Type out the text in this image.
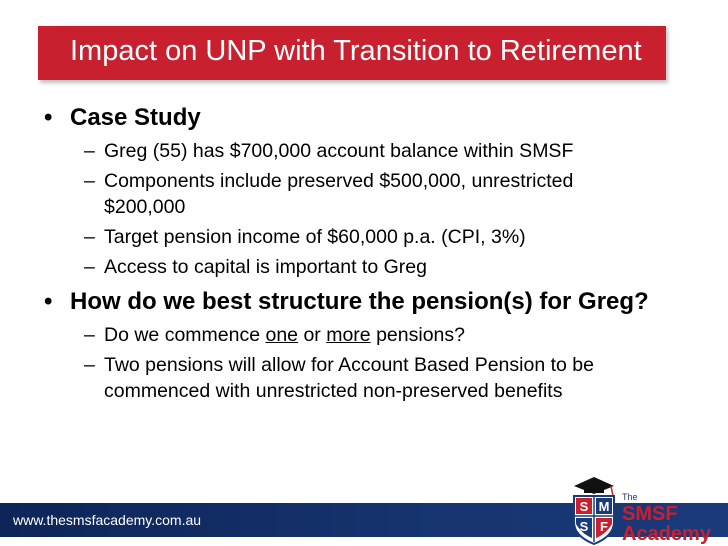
Impact on UNP with Transition to Retirement
• Case Study
– Greg (55) has $700,000 account balance within SMSF
– Components include preserved $500,000, unrestricted
$200,000
– Target pension income of $60,000 p.a. (CPI, 3%)
– Access to capital is important to Greg
• How do we best structure the pension(s) for Greg?
– Do we commence one or more pensions?
– Two pensions will allow for Account Based Pension to be
commenced with unrestricted non-preserved benefits
www.thesmsfacademy.com.au
S M
S F
The
SMSF
Academy
